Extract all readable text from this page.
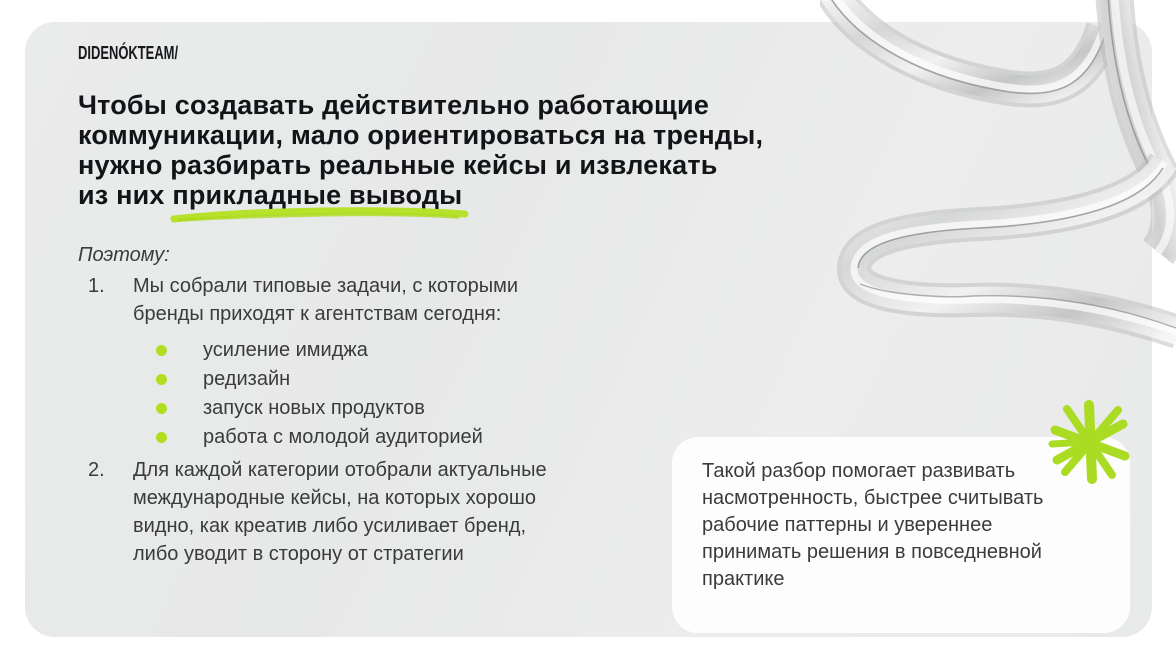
DIDENÓKTEAM/
Чтобы создавать действительно работающие
коммуникации, мало ориентироваться на тренды,
нужно разбирать реальные кейсы и извлекать
из них прикладные выводы
Поэтому:
1.	Мы собрали типовые задачи, с которыми бренды приходят к агентствам сегодня:

усиление имиджа
редизайн
запуск новых продуктов
работа с молодой аудиторией
2.	Для каждой категории отобрали актуальные международные кейсы, на которых хорошо видно, как креатив либо усиливает бренд, либо уводит в сторону от стратегии

Такой разбор помогает развивать насмотренность, быстрее считывать рабочие паттерны и увереннее принимать решения в повседневной практике
